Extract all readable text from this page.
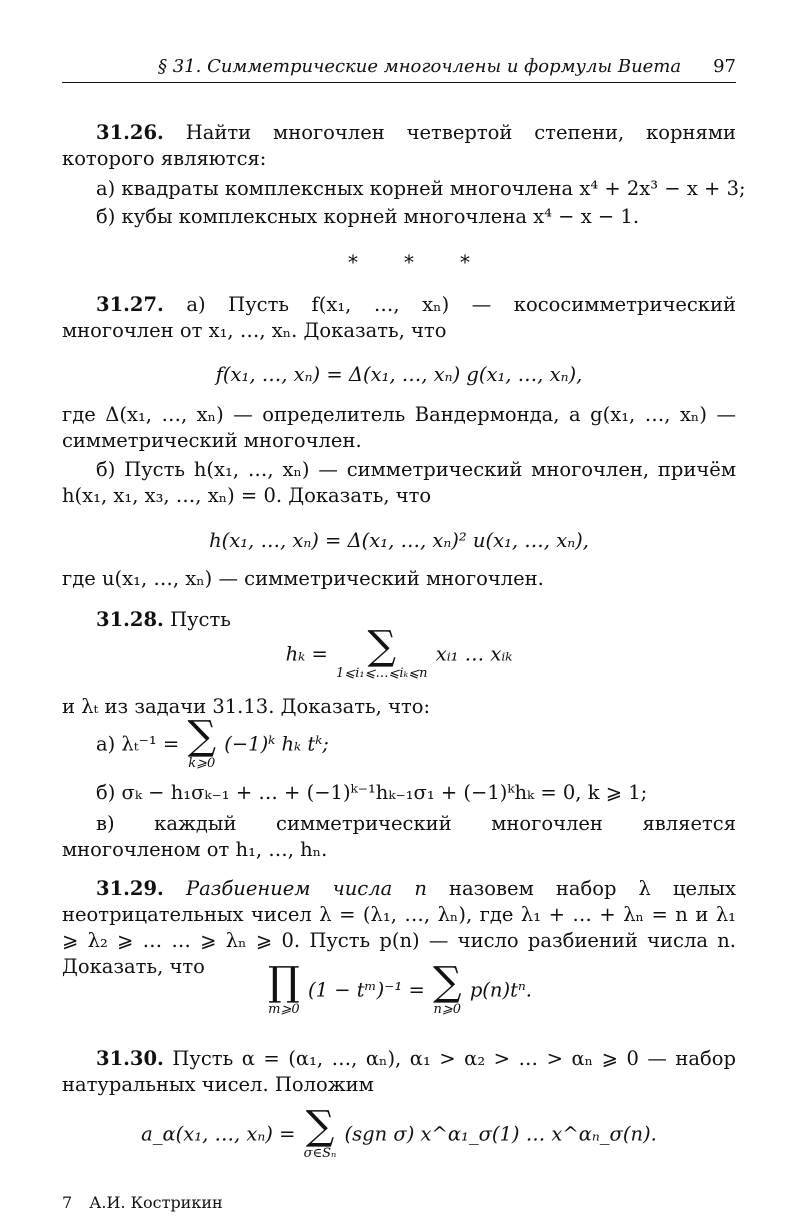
§ 31. Симметрические многочлены и формулы Виета 97
31.26. Найти многочлен четвертой степени, корнями которого являются:
а) квадраты комплексных корней многочлена x⁴ + 2x³ − x + 3;
б) кубы комплексных корней многочлена x⁴ − x − 1.
* * *
31.27. а) Пусть f(x₁, …, xₙ) — кососимметрический многочлен от x₁, …, xₙ. Доказать, что
f(x₁, …, xₙ) = Δ(x₁, …, xₙ) g(x₁, …, xₙ),
где Δ(x₁, …, xₙ) — определитель Вандермонда, а g(x₁, …, xₙ) — симметрический многочлен.
б) Пусть h(x₁, …, xₙ) — симметрический многочлен, причём h(x₁, x₁, x₃, …, xₙ) = 0. Доказать, что
h(x₁, …, xₙ) = Δ(x₁, …, xₙ)² u(x₁, …, xₙ),
где u(x₁, …, xₙ) — симметрический многочлен.
31.28. Пусть
hₖ = ∑
1⩽i₁⩽…⩽iₖ⩽n
xᵢ₁ … xᵢₖ
и λₜ из задачи 31.13. Доказать, что:
а) λₜ⁻¹ = ∑
k⩾0
(−1)ᵏ hₖ tᵏ;
б) σₖ − h₁σₖ₋₁ + … + (−1)ᵏ⁻¹hₖ₋₁σ₁ + (−1)ᵏhₖ = 0, k ⩾ 1;
в) каждый симметрический многочлен является многочленом от h₁, …, hₙ.
31.29. Разбиением числа n назовем набор λ целых неотрицательных чисел λ = (λ₁, …, λₙ), где λ₁ + … + λₙ = n и λ₁ ⩾ λ₂ ⩾ … … ⩾ λₙ ⩾ 0. Пусть p(n) — число разбиений числа n. Доказать, что	∏
m⩾0
(1 − tᵐ)⁻¹ = ∑
n⩾0
p(n)tⁿ.
31.30. Пусть α = (α₁, …, αₙ), α₁ > α₂ > … > αₙ ⩾ 0 — набор натуральных чисел. Положим
a_α(x₁, …, xₙ) = ∑
σ∈Sₙ
(sgn σ) x^α₁_σ(1) … x^αₙ_σ(n).
7 А.И. Кострикин
